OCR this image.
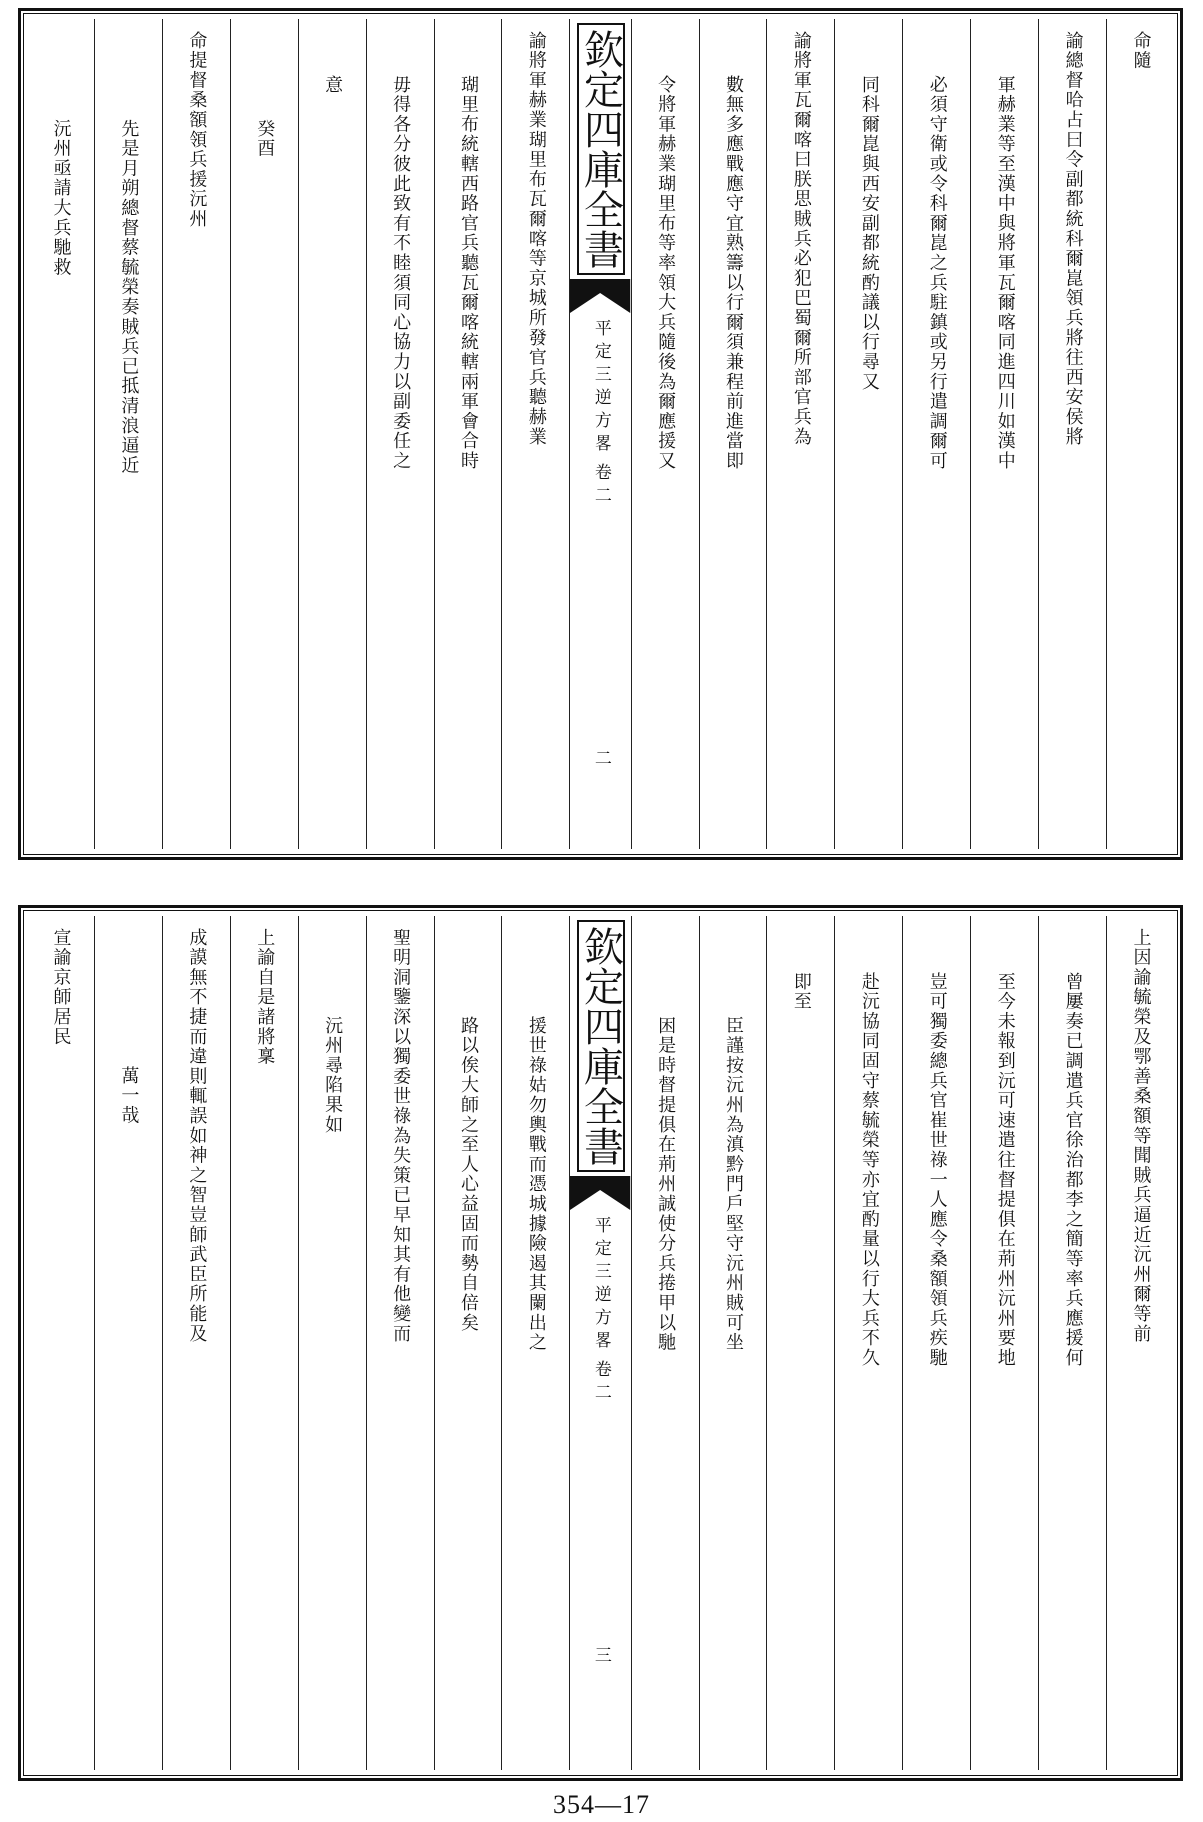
命隨
諭總督哈占曰令副都統科爾崑領兵將往西安侯將
軍赫業等至漢中與將軍瓦爾喀同進四川如漢中
必須守衛或令科爾崑之兵駐鎮或另行遣調爾可
同科爾崑與西安副都統酌議以行尋又
諭將軍瓦爾喀曰朕思賊兵必犯巴蜀爾所部官兵為
數無多應戰應守宜熟籌以行爾須兼程前進當即
令將軍赫業瑚里布等率領大兵隨後為爾應援又
欽定四庫全書
平定三逆方畧
卷二
二
諭將軍赫業瑚里布瓦爾喀等京城所發官兵聽赫業
瑚里布統轄西路官兵聽瓦爾喀統轄兩軍會合時
毋得各分彼此致有不睦須同心協力以副委任之
意
癸酉
命提督桑額領兵援沅州
先是月朔總督蔡毓榮奏賊兵已抵清浪逼近
沅州亟請大兵馳救
上因諭毓榮及鄂善桑額等聞賊兵逼近沅州爾等前
曾屢奏已調遣兵官徐治都李之簡等率兵應援何
至今未報到沅可速遣往督提俱在荊州沅州要地
豈可獨委總兵官崔世祿一人應令桑額領兵疾馳
赴沅協同固守蔡毓榮等亦宜酌量以行大兵不久
即至
臣謹按沅州為滇黔門戶堅守沅州賊可坐
困是時督提俱在荊州誠使分兵捲甲以馳
欽定四庫全書
平定三逆方畧
卷二
三
援世祿姑勿輿戰而憑城據險遏其闌出之
路以俟大師之至人心益固而勢自倍矣
聖明洞鑒深以獨委世祿為失策已早知其有他變而
沅州尋陷果如
上諭自是諸將稟
成謨無不捷而違則輒誤如神之智豈師武臣所能及
萬一哉
宣諭京師居民
354—17
